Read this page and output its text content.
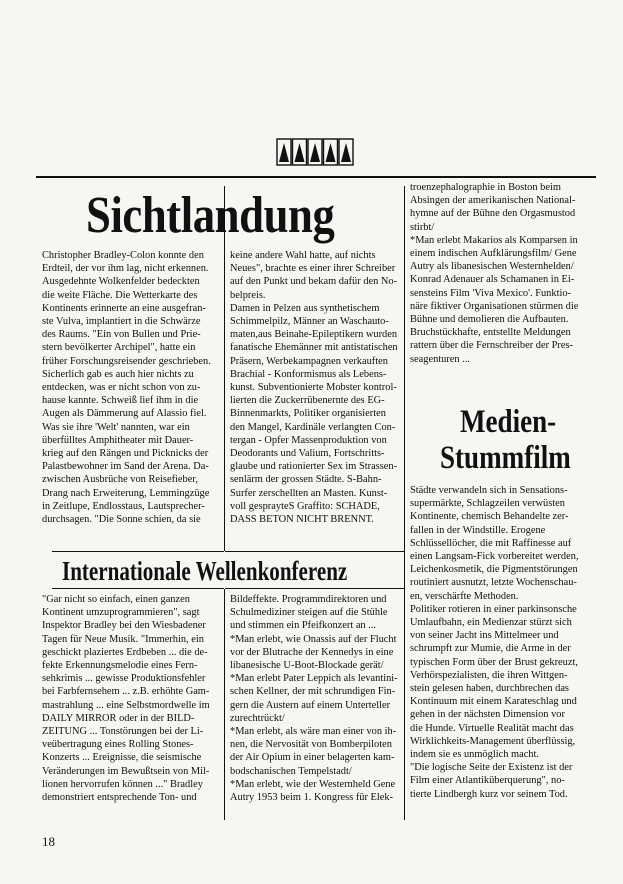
Sichtlandung
Internationale Wellenkonferenz
Medien-
Stummfilm
Christopher Bradley-Colon konnte den
Erdteil, der vor ihm lag, nicht erkennen.
Ausgedehnte Wolkenfelder bedeckten
die weite Fläche. Die Wetterkarte des
Kontinents erinnerte an eine ausgefran-
ste Vulva, implantiert in die Schwärze
des Raums. "Ein von Bullen und Prie-
stern bevölkerter Archipel", hatte ein
früher Forschungsreisender geschrieben.
Sicherlich gab es auch hier nichts zu
entdecken, was er nicht schon von zu-
hause kannte. Schweiß lief ihm in die
Augen als Dämmerung auf Alassio fiel.
Was sie ihre 'Welt' nannten, war ein
überfülltes Amphitheater mit Dauer-
krieg auf den Rängen und Picknicks der
Palastbewohner im Sand der Arena. Da-
zwischen Ausbrüche von Reisefieber,
Drang nach Erweiterung, Lemmingzüge
in Zeitlupe, Endlosstaus, Lautsprecher-
durchsagen. "Die Sonne schien, da sie
keine andere Wahl hatte, auf nichts
Neues", brachte es einer ihrer Schreiber
auf den Punkt und bekam dafür den No-
belpreis.
Damen in Pelzen aus synthetischem
Schimmelpilz, Männer an Waschauto-
maten,aus Beinahe-Epileptikern wurden
fanatische Ehemänner mit antistatischen
Präsern, Werbekampagnen verkauften
Brachial - Konformismus als Lebens-
kunst. Subventionierte Mobster kontrol-
lierten die Zuckerrübenernte des EG-
Binnenmarkts, Politiker organisierten
den Mangel, Kardinäle verlangten Con-
tergan - Opfer Massenproduktion von
Deodorants und Valium, Fortschritts-
glaube und rationierter Sex im Strassen-
senlärm der grossen Städte. S-Bahn-
Surfer zerschellten an Masten. Kunst-
voll gesprayteS Graffito: SCHADE,
DASS BETON NICHT BRENNT.
troenzephalographie in Boston beim
Absingen der amerikanischen National-
hymne auf der Bühne den Orgasmustod
stirbt/
*Man erlebt Makarios als Komparsen in
einem indischen Aufklärungsfilm/ Gene
Autry als libanesischen Westernhelden/
Konrad Adenauer als Schamanen in Ei-
sensteins Film 'Viva Mexico'. Funktio-
näre fiktiver Organisationen stürmen die
Bühne und demolieren die Aufbauten.
Bruchstückhafte, entstellte Meldungen
rattern über die Fernschreiber der Pres-
seagenturen ...
"Gar nicht so einfach, einen ganzen
Kontinent umzuprogrammieren", sagt
Inspektor Bradley bei den Wiesbadener
Tagen für Neue Musik. "Immerhin, ein
geschickt plaziertes Erdbeben ... die de-
fekte Erkennungsmelodie eines Fern-
sehkrimis ... gewisse Produktionsfehler
bei Farbfernsehem ... z.B. erhöhte Gam-
mastrahlung ... eine Selbstmordwelle im
DAILY MIRROR oder in der BILD-
ZEITUNG ... Tonstörungen bei der Li-
veübertragung eines Rolling Stones-
Konzerts ... Ereignisse, die seismische
Veränderungen im Bewußtsein von Mil-
lionen hervorrufen können ..." Bradley
demonstriert entsprechende Ton- und
Bildeffekte. Programmdirektoren und
Schulmediziner steigen auf die Stühle
und stimmen ein Pfeifkonzert an ...
*Man erlebt, wie Onassis auf der Flucht
vor der Blutrache der Kennedys in eine
libanesische U-Boot-Blockade gerät/
*Man erlebt Pater Leppich als levantini-
schen Kellner, der mit schrundigen Fin-
gern die Austern auf einem Unterteller
zurechtrückt/
*Man erlebt, als wäre man einer von ih-
nen, die Nervosität von Bomberpiloten
der Air Opium in einer belagerten kam-
bodschanischen Tempelstadt/
*Man erlebt, wie der Westernheld Gene
Autry 1953 beim 1. Kongress für Elek-
Städte verwandeln sich in Sensations-
supermärkte, Schlagzeilen verwüsten
Kontinente, chemisch Behandelte zer-
fallen in der Windstille. Erogene
Schlüssellöcher, die mit Raffinesse auf
einen Langsam-Fick vorbereitet werden,
Leichenkosmetik, die Pigmentstörungen
routiniert ausnutzt, letzte Wochenschau-
en, verschärfte Methoden.
Politiker rotieren in einer parkinsonsche
Umlaufbahn, ein Medienzar stürzt sich
von seiner Jacht ins Mittelmeer und
schrumpft zur Mumie, die Arme in der
typischen Form über der Brust gekreuzt,
Verhörspezialisten, die ihren Wittgen-
stein gelesen haben, durchbrechen das
Kontinuum mit einem Karateschlag und
gehen in der nächsten Dimension vor
die Hunde. Virtuelle Realität macht das
Wirklichkeits-Management überflüssig,
indem sie es unmöglich macht.
"Die logische Seite der Existenz ist der
Film einer Atlantiküberquerung", no-
tierte Lindbergh kurz vor seinem Tod.
18
